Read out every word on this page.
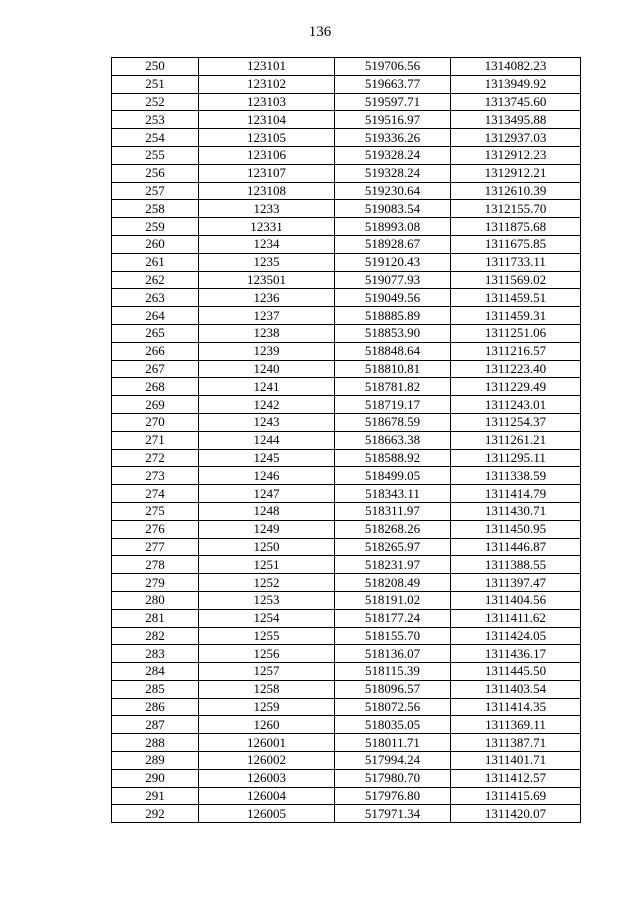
136
250	123101	519706.56	1314082.23
251	123102	519663.77	1313949.92
252	123103	519597.71	1313745.60
253	123104	519516.97	1313495.88
254	123105	519336.26	1312937.03
255	123106	519328.24	1312912.23
256	123107	519328.24	1312912.21
257	123108	519230.64	1312610.39
258	1233	519083.54	1312155.70
259	12331	518993.08	1311875.68
260	1234	518928.67	1311675.85
261	1235	519120.43	1311733.11
262	123501	519077.93	1311569.02
263	1236	519049.56	1311459.51
264	1237	518885.89	1311459.31
265	1238	518853.90	1311251.06
266	1239	518848.64	1311216.57
267	1240	518810.81	1311223.40
268	1241	518781.82	1311229.49
269	1242	518719.17	1311243.01
270	1243	518678.59	1311254.37
271	1244	518663.38	1311261.21
272	1245	518588.92	1311295.11
273	1246	518499.05	1311338.59
274	1247	518343.11	1311414.79
275	1248	518311.97	1311430.71
276	1249	518268.26	1311450.95
277	1250	518265.97	1311446.87
278	1251	518231.97	1311388.55
279	1252	518208.49	1311397.47
280	1253	518191.02	1311404.56
281	1254	518177.24	1311411.62
282	1255	518155.70	1311424.05
283	1256	518136.07	1311436.17
284	1257	518115.39	1311445.50
285	1258	518096.57	1311403.54
286	1259	518072.56	1311414.35
287	1260	518035.05	1311369.11
288	126001	518011.71	1311387.71
289	126002	517994.24	1311401.71
290	126003	517980.70	1311412.57
291	126004	517976.80	1311415.69
292	126005	517971.34	1311420.07
